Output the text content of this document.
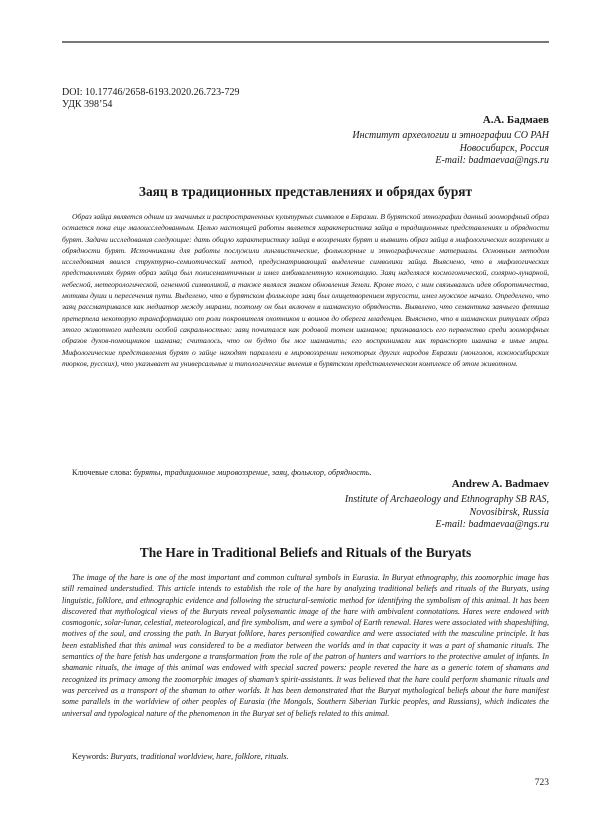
DOI: 10.17746/2658-6193.2020.26.723-729
УДК 398’54
А.А. Бадмаев
Институт археологии и этнографии СО РАН
Новосибирск, Россия
E-mail: badmaevaa@ngs.ru
Заяц в традиционных представлениях и обрядах бурят

Образ зайца является одним из значимых и распространенных культурных символов в Евразии. В бурятской этнографии данный зооморфный образ остается пока еще малоисследованным. Целью настоящей работы является характеристика зайца в традиционных представлениях и обрядности бурят. Задачи исследования следующие: дать общую характеристику зайца в воззрениях бурят и выявить образ зайца в мифологических воззрениях и обрядности бурят. Источниками для работы послужили лингвистические, фольклорные и этнографические материалы. Основным методом исследования явился структурно-семиотический метод, предусматривающий выделение символики зайца. Выяснено, что в мифологических представлениях бурят образ зайца был полисемантичным и имел амбивалентную коннотацию. Заяц наделялся космогонической, солярно-лунарной, небесной, метеорологической, огненной символикой, а также являлся знаком обновления Земли. Кроме того, с ним связывались идея оборотничества, мотивы души и пересечения пути. Выделено, что в бурятском фольклоре заяц был олицетворением трусости, имел мужское начало. Определено, что заяц рассматривался как медиатор между мирами, поэтому он был включен в шаманскую обрядность. Выявлено, что семантика заячьего фетиша претерпела некоторую трансформацию от роли покровителя охотников и воинов до оберега младенцев. Выяснено, что в шаманских ритуалах образ этого животного наделяли особой сакральностью: заяц почитался как родовой тотем шаманов; признавалось его первенство среди зооморфных образов духов-помощников шамана; считалось, что он будто бы мог шаманить; его воспринимали как транспорт шамана в иные миры. Мифологические представления бурят о зайце находят параллели в мировоззрении некоторых других народов Евразии (монголов, южносибирских тюрков, русских), что указывает на универсальные и типологические явления в бурятском представленческом комплексе об этом животном.

Ключевые слова: буряты, традиционное мировоззрение, заяц, фольклор, обрядность.
Andrew A. Badmaev
Institute of Archaeology and Ethnography SB RAS,
Novosibirsk, Russia
E-mail: badmaevaa@ngs.ru
The Hare in Traditional Beliefs and Rituals of the Buryats

The image of the hare is one of the most important and common cultural symbols in Eurasia. In Buryat ethnography, this zoomorphic image has still remained understudied. This article intends to establish the role of the hare by analyzing traditional beliefs and rituals of the Buryats, using linguistic, folklore, and ethnographic evidence and following the structural-semiotic method for identifying the symbolism of this animal. It has been discovered that mythological views of the Buryats reveal polysemantic image of the hare with ambivalent connotations. Hares were endowed with cosmogonic, solar-lunar, celestial, meteorological, and fire symbolism, and were a symbol of Earth renewal. Hares were associated with shapeshifting, motives of the soul, and crossing the path. In Buryat folklore, hares personified cowardice and were associated with the masculine principle. It has been established that this animal was considered to be a mediator between the worlds and in that capacity it was a part of shamanic rituals. The semantics of the hare fetish has undergone a transformation from the role of the patron of hunters and warriors to the protective amulet of infants. In shamanic rituals, the image of this animal was endowed with special sacred powers: people revered the hare as a generic totem of shamans and recognized its primacy among the zoomorphic images of shaman’s spirit-assistants. It was believed that the hare could perform shamanic rituals and was perceived as a transport of the shaman to other worlds. It has been demonstrated that the Buryat mythological beliefs about the hare manifest some parallels in the worldview of other peoples of Eurasia (the Mongols, Southern Siberian Turkic peoples, and Russians), which indicates the universal and typological nature of the phenomenon in the Buryat set of beliefs related to this animal.

Keywords: Buryats, traditional worldview, hare, folklore, rituals.
723
